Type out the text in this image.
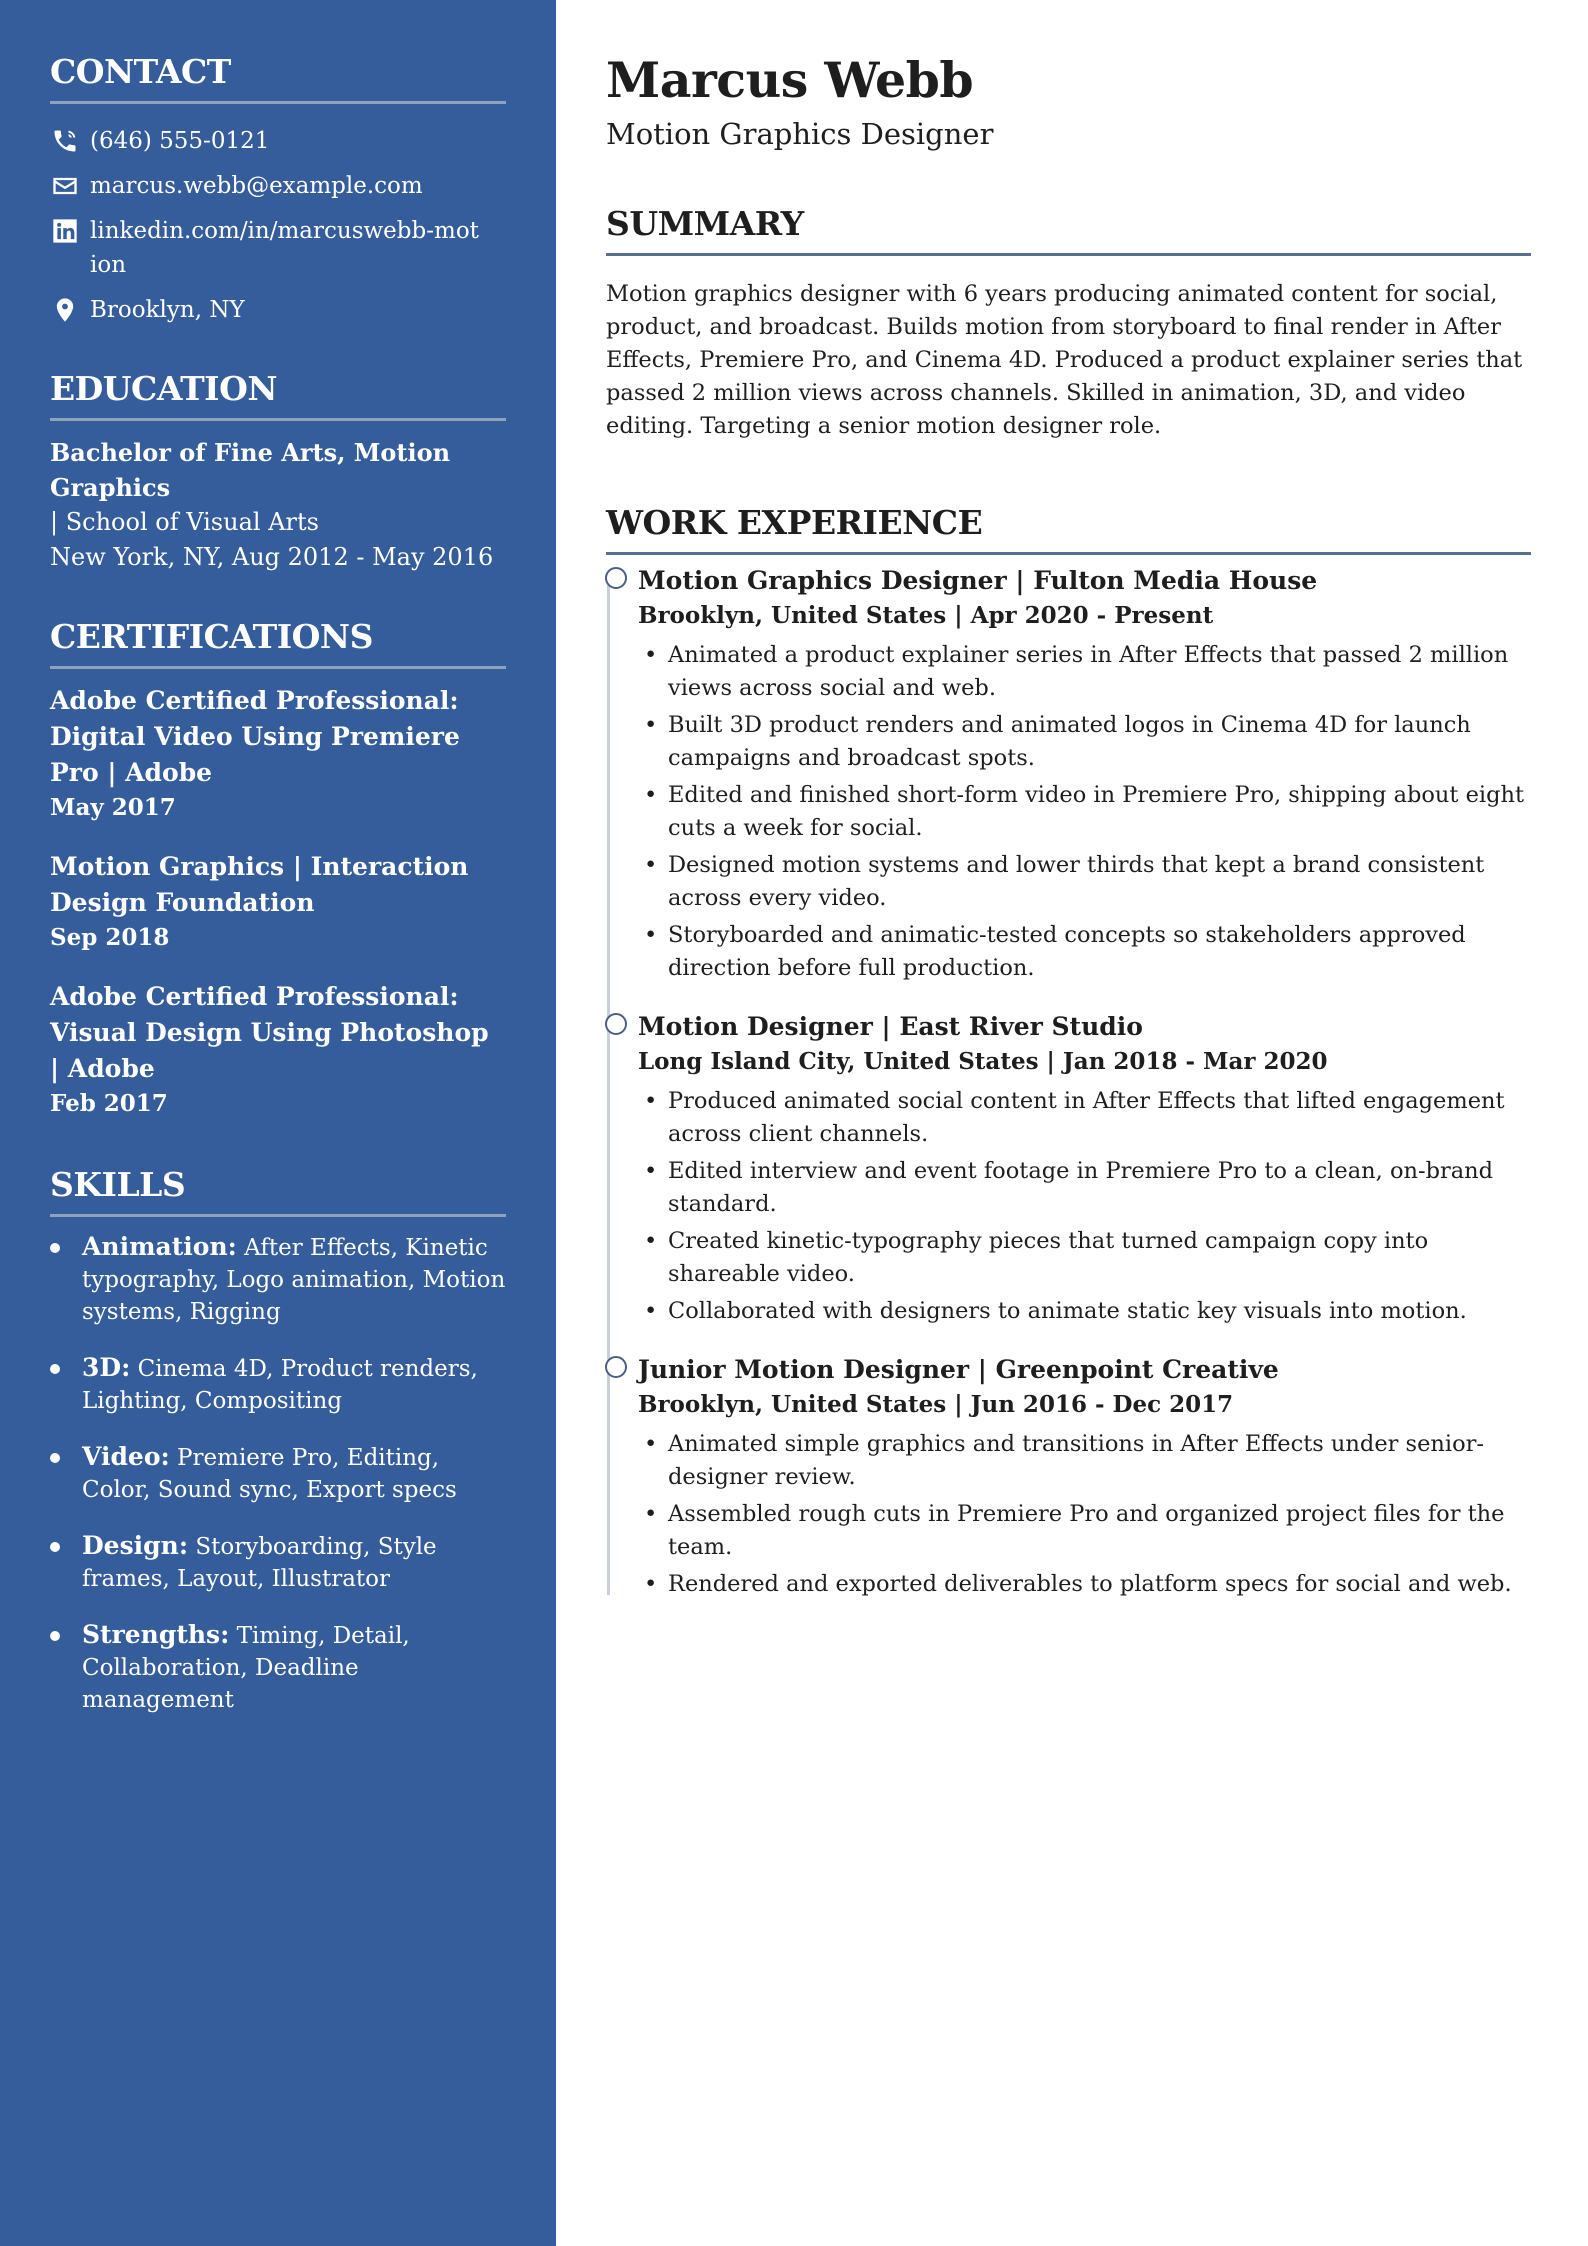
CONTACT
(646) 555-0121
marcus.webb@example.com
linkedin.com/in/marcuswebb-motion
Brooklyn, NY
EDUCATION
Bachelor of Fine Arts, Motion Graphics
| School of Visual Arts
New York, NY, Aug 2012 - May 2016
CERTIFICATIONS
Adobe Certified Professional: Digital Video Using Premiere Pro | Adobe
May 2017
Motion Graphics | Interaction Design Foundation
Sep 2018
Adobe Certified Professional: Visual Design Using Photoshop | Adobe
Feb 2017
SKILLS
Animation: After Effects, Kinetic typography, Logo animation, Motion systems, Rigging
3D: Cinema 4D, Product renders, Lighting, Compositing
Video: Premiere Pro, Editing, Color, Sound sync, Export specs
Design: Storyboarding, Style frames, Layout, Illustrator
Strengths: Timing, Detail, Collaboration, Deadline management
Marcus Webb
Motion Graphics Designer
SUMMARY

Motion graphics designer with 6 years producing animated content for social, product, and broadcast. Builds motion from storyboard to final render in After Effects, Premiere Pro, and Cinema 4D. Produced a product explainer series that passed 2 million views across channels. Skilled in animation, 3D, and video editing. Targeting a senior motion designer role.

WORK EXPERIENCE
Motion Graphics Designer | Fulton Media House
Brooklyn, United States | Apr 2020 - Present
• Animated a product explainer series in After Effects that passed 2 million views across social and web.
• Built 3D product renders and animated logos in Cinema 4D for launch campaigns and broadcast spots.
• Edited and finished short-form video in Premiere Pro, shipping about eight cuts a week for social.
• Designed motion systems and lower thirds that kept a brand consistent across every video.
• Storyboarded and animatic-tested concepts so stakeholders approved direction before full production.
Motion Designer | East River Studio
Long Island City, United States | Jan 2018 - Mar 2020
• Produced animated social content in After Effects that lifted engagement across client channels.
• Edited interview and event footage in Premiere Pro to a clean, on-brand standard.
• Created kinetic-typography pieces that turned campaign copy into shareable video.
• Collaborated with designers to animate static key visuals into motion.
Junior Motion Designer | Greenpoint Creative
Brooklyn, United States | Jun 2016 - Dec 2017
• Animated simple graphics and transitions in After Effects under senior-designer review.
• Assembled rough cuts in Premiere Pro and organized project files for the team.
• Rendered and exported deliverables to platform specs for social and web.
